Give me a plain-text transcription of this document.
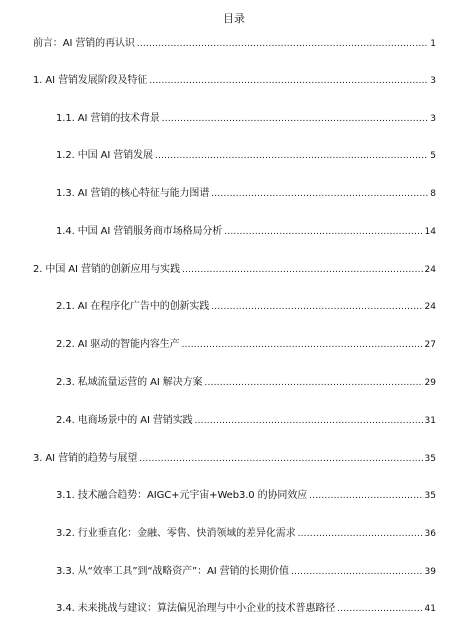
目录
前言：AI 营销的再认识 .....	1
1. AI 营销发展阶段及特征 .....	3
1.1. AI 营销的技术背景 .....	3
1.2. 中国 AI 营销发展 .....	5
1.3. AI 营销的核心特征与能力图谱 .....	8
1.4. 中国 AI 营销服务商市场格局分析 .....	14
2. 中国 AI 营销的创新应用与实践 .....	24
2.1. AI 在程序化广告中的创新实践 .....	24
2.2. AI 驱动的智能内容生产 .....	27
2.3. 私域流量运营的 AI 解决方案 .....	29
2.4. 电商场景中的 AI 营销实践 .....	31
3. AI 营销的趋势与展望 .....	35
3.1. 技术融合趋势：AIGC+元宇宙+Web3.0 的协同效应 .....	35
3.2. 行业垂直化：金融、零售、快消领域的差异化需求 .....	36
3.3. 从“效率工具”到“战略资产”：AI 营销的长期价值 .....	39
3.4. 未来挑战与建议：算法偏见治理与中小企业的技术普惠路径 .....	41
